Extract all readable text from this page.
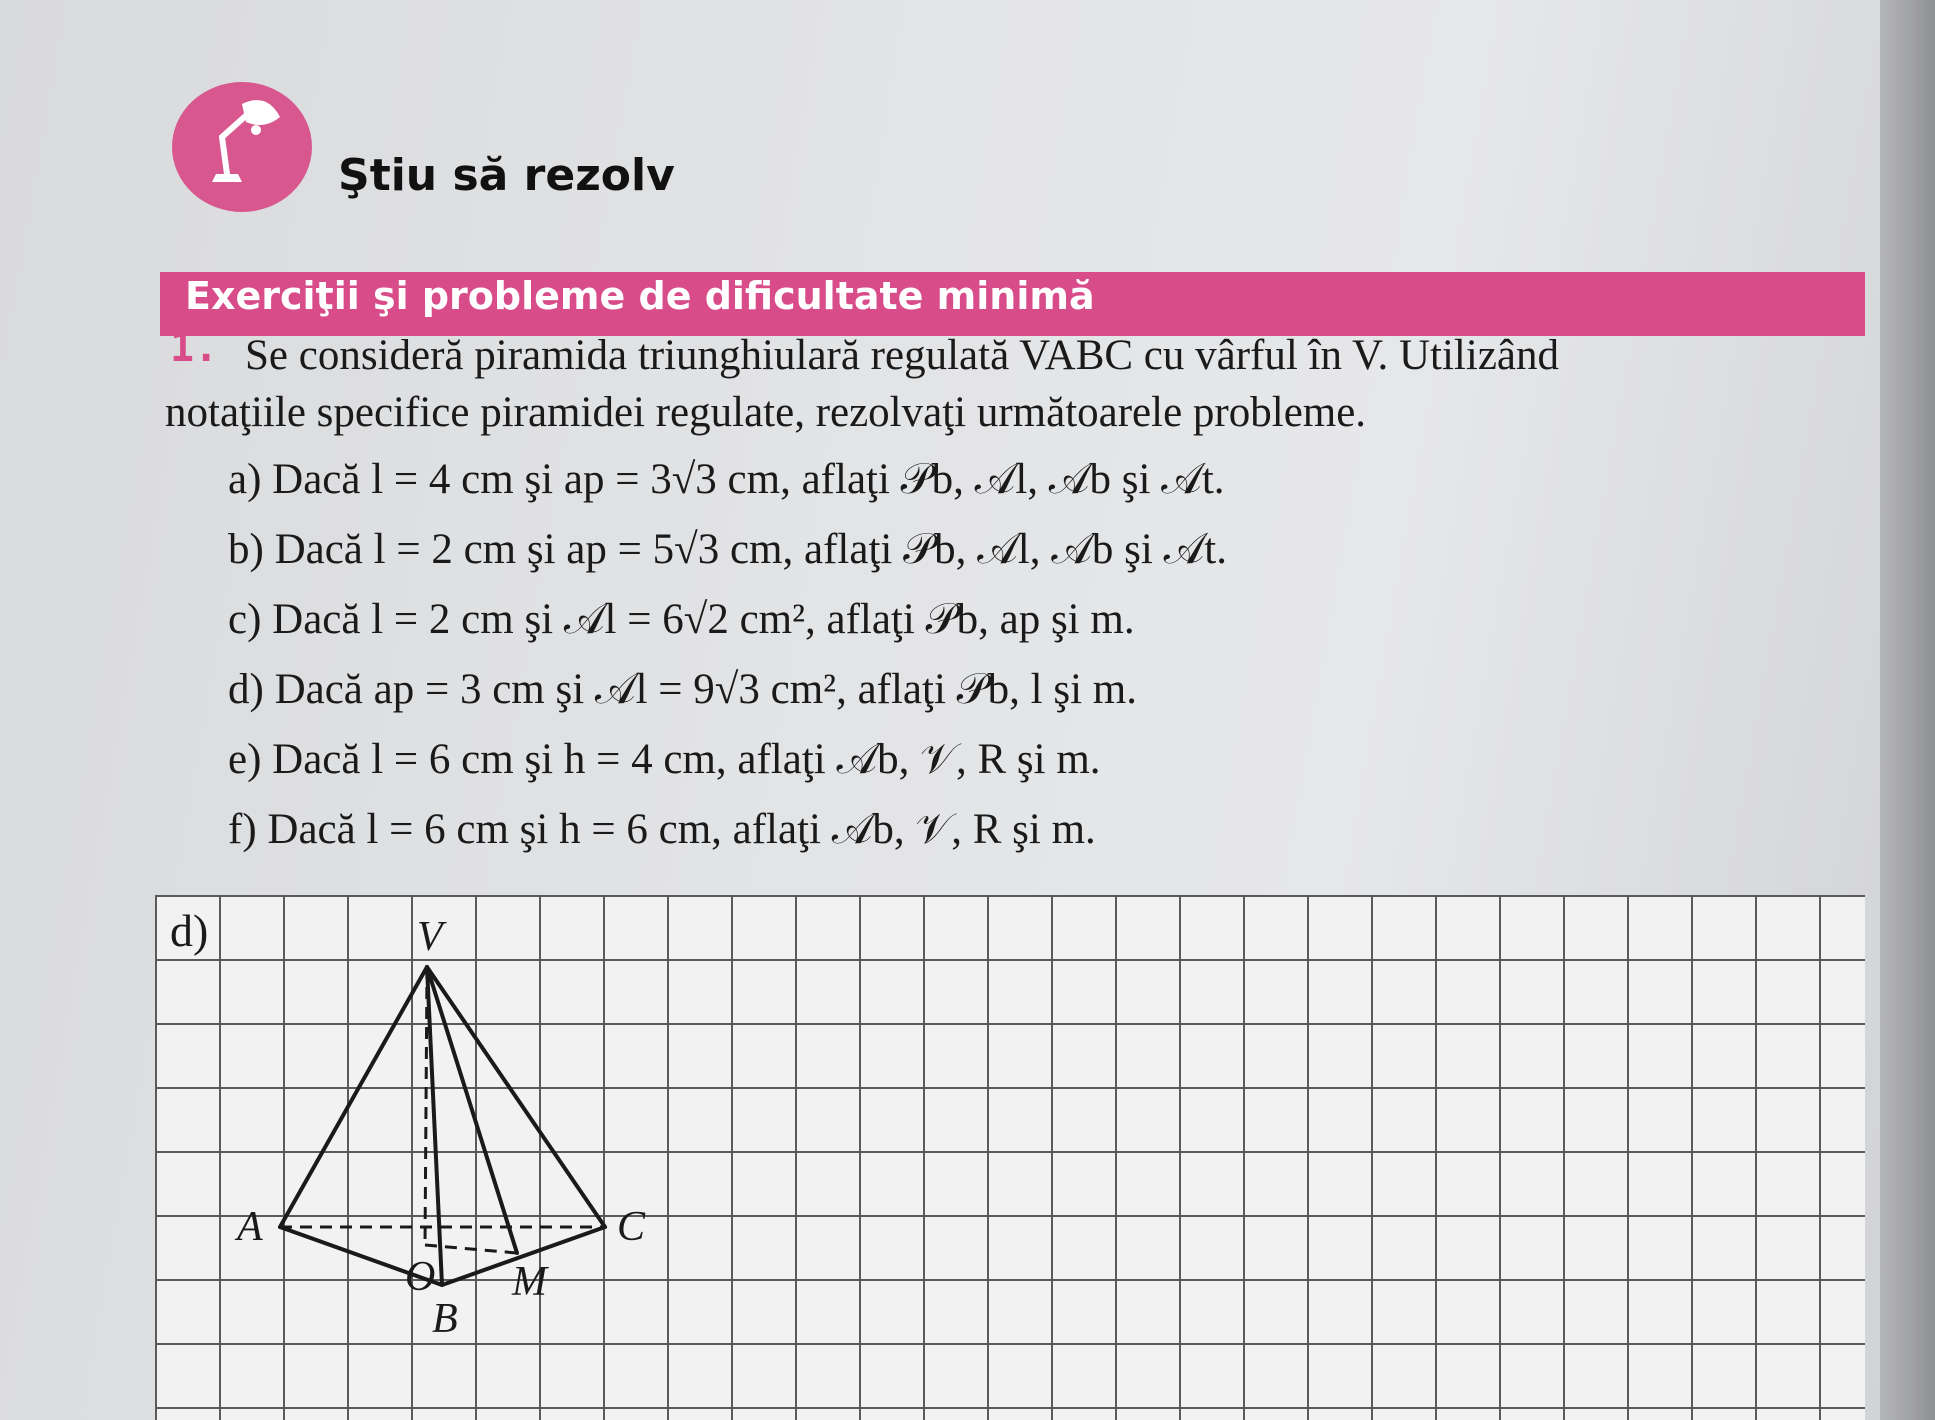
Ştiu să rezolv
Exerciţii şi probleme de dificultate minimă
1. Se consideră piramida triunghiulară regulată VABC cu vârful în V. Utilizând
notaţiile specifice piramidei regulate, rezolvaţi următoarele probleme.
a) Dacă l = 4 cm şi ap = 3√3 cm, aflaţi 𝒫b, 𝒜l, 𝒜b şi 𝒜t.
b) Dacă l = 2 cm şi ap = 5√3 cm, aflaţi 𝒫b, 𝒜l, 𝒜b şi 𝒜t.
c) Dacă l = 2 cm şi 𝒜l = 6√2 cm², aflaţi 𝒫b, ap şi m.
d) Dacă ap = 3 cm şi 𝒜l = 9√3 cm², aflaţi 𝒫b, l şi m.
e) Dacă l = 6 cm şi h = 4 cm, aflaţi 𝒜b, 𝒱, R şi m.
f) Dacă l = 6 cm şi h = 6 cm, aflaţi 𝒜b, 𝒱, R şi m.
d)	V
A	C
O M
B
